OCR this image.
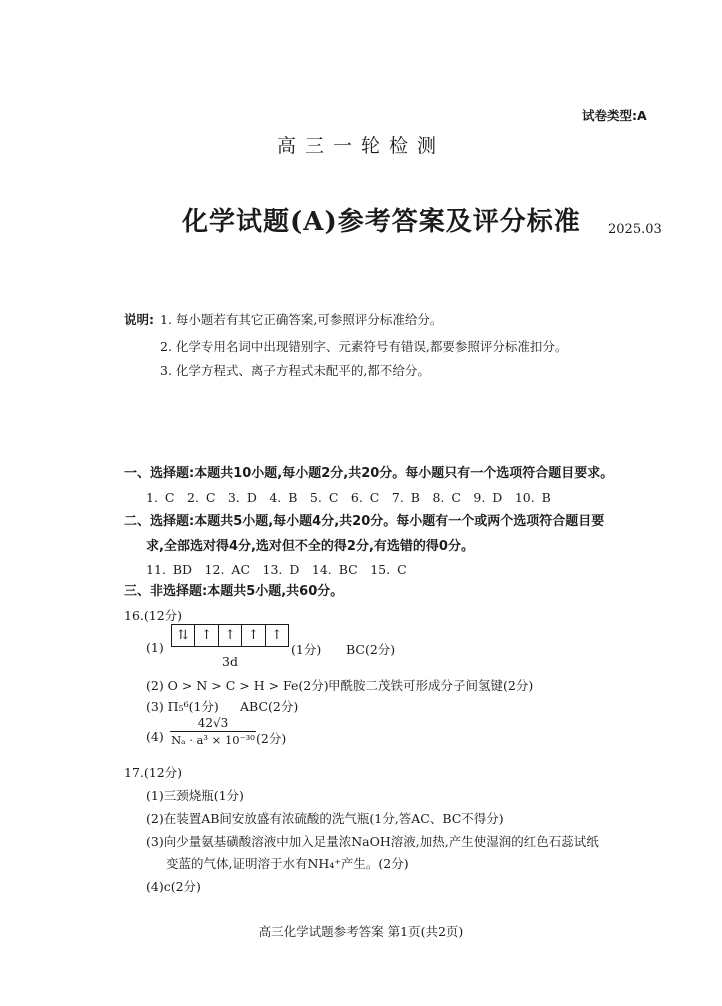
试卷类型:A
高三一轮检测
化学试题(A)参考答案及评分标准 2025.03
说明: 1. 每小题若有其它正确答案,可参照评分标准给分。
2. 化学专用名词中出现错别字、元素符号有错误,都要参照评分标准扣分。
3. 化学方程式、离子方程式未配平的,都不给分。
一、选择题:本题共10小题,每小题2分,共20分。每小题只有一个选项符合题目要求。
1. C　2. C　3. D　4. B　5. C　6. C　7. B　8. C　9. D　10. B
二、选择题:本题共5小题,每小题4分,共20分。每小题有一个或两个选项符合题目要
求,全部选对得4分,选对但不全的得2分,有选错的得0分。
11. BD　12. AC　13. D　14. BC　15. C
三、非选择题:本题共5小题,共60分。
16.(12分)
(1)
⇅ ↑ ↑ ↑ ↑
3d
(1分) BC(2分)
(2) O > N > C > H > Fe(2分) 甲酰胺二茂铁可形成分子间氢键(2分)
(3) Π₅⁶(1分) ABC(2分)
(4)
42√3
Nₐ · a³ × 10⁻³⁰ (2分)
17.(12分)
(1)三颈烧瓶(1分)
(2)在装置AB间安放盛有浓硫酸的洗气瓶(1分,答AC、BC不得分)
(3)向少量氨基磺酸溶液中加入足量浓NaOH溶液,加热,产生使湿润的红色石蕊试纸
变蓝的气体,证明溶于水有NH₄⁺产生。(2分)
(4)c(2分)
高三化学试题参考答案 第1页(共2页)
